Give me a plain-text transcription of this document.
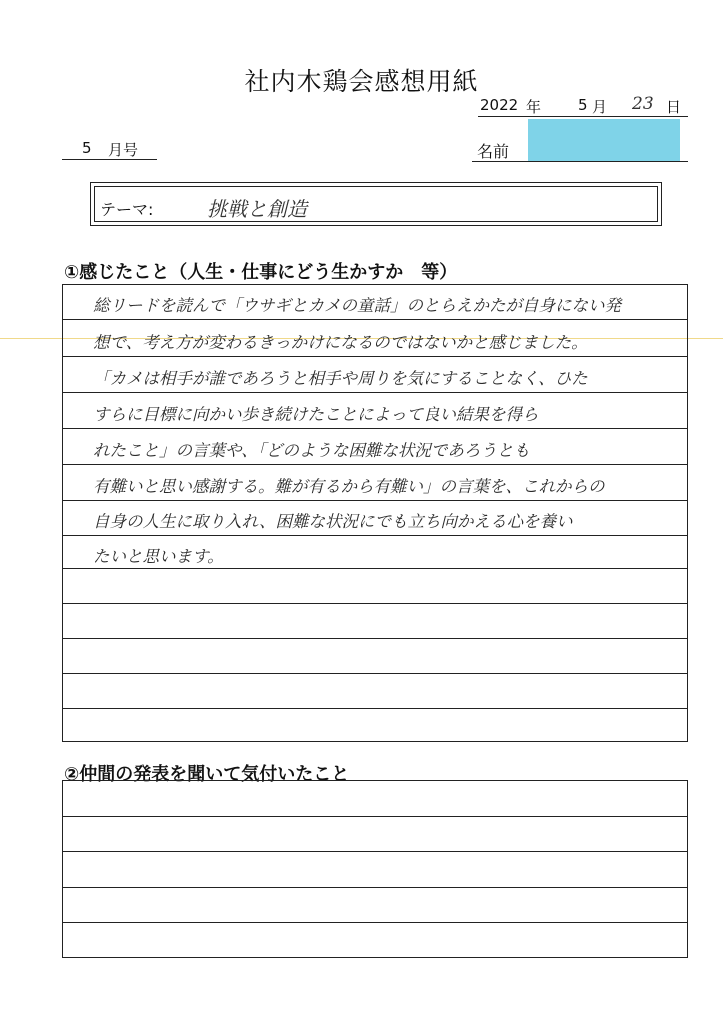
社内木鶏会感想用紙
2022 年 5 月 23 日
5 月号	名前
テーマ:	挑戦と創造
①感じたこと（人生・仕事にどう生かすか　等）
総リードを読んで「ウサギとカメの童話」のとらえかたが自身にない発
想で、考え方が変わるきっかけになるのではないかと感じました。
「カメは相手が誰であろうと相手や周りを気にすることなく、ひた
すらに目標に向かい歩き続けたことによって良い結果を得ら
れたこと」の言葉や、「どのような困難な状況であろうとも
有難いと思い感謝する。難が有るから有難い」の言葉を、これからの
自身の人生に取り入れ、困難な状況にでも立ち向かえる心を養い
たいと思います。
②仲間の発表を聞いて気付いたこと
